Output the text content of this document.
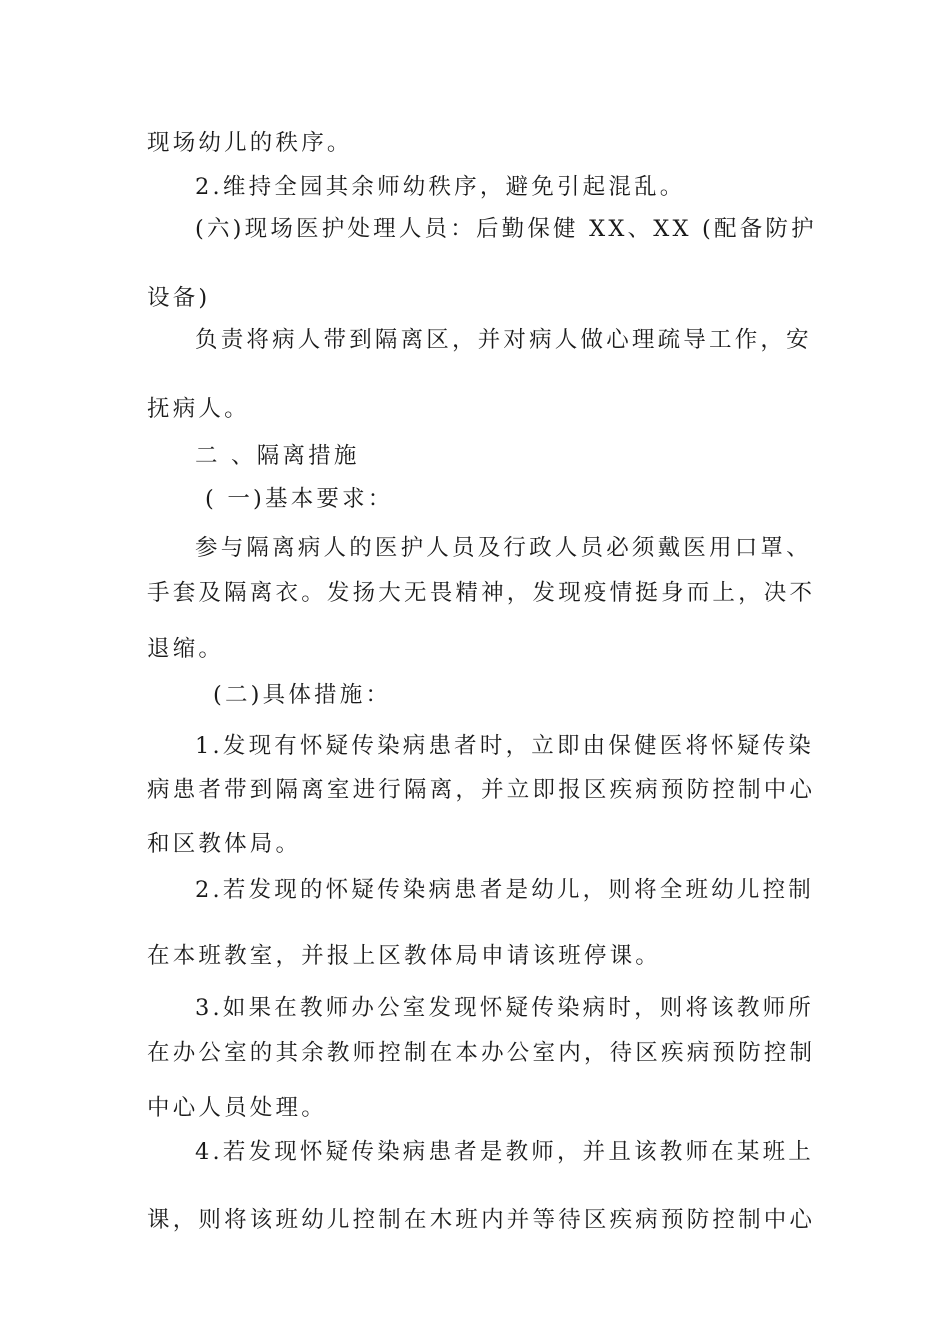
现场幼儿的秩序。
2.维持全园其余师幼秩序，避免引起混乱。
(六)现场医护处理人员：后勤保健 XX、XX (配备防护
设备)
负责将病人带到隔离区，并对病人做心理疏导工作，安
抚病人。
二 、隔离措施
( 一)基本要求：
参与隔离病人的医护人员及行政人员必须戴医用口罩、
手套及隔离衣。发扬大无畏精神，发现疫情挺身而上，决不
退缩。
(二)具体措施：
1.发现有怀疑传染病患者时，立即由保健医将怀疑传染
病患者带到隔离室进行隔离，并立即报区疾病预防控制中心
和区教体局。
2.若发现的怀疑传染病患者是幼儿，则将全班幼儿控制
在本班教室，并报上区教体局申请该班停课。
3.如果在教师办公室发现怀疑传染病时，则将该教师所
在办公室的其余教师控制在本办公室内，待区疾病预防控制
中心人员处理。
4.若发现怀疑传染病患者是教师，并且该教师在某班上
课，则将该班幼儿控制在木班内并等待区疾病预防控制中心
